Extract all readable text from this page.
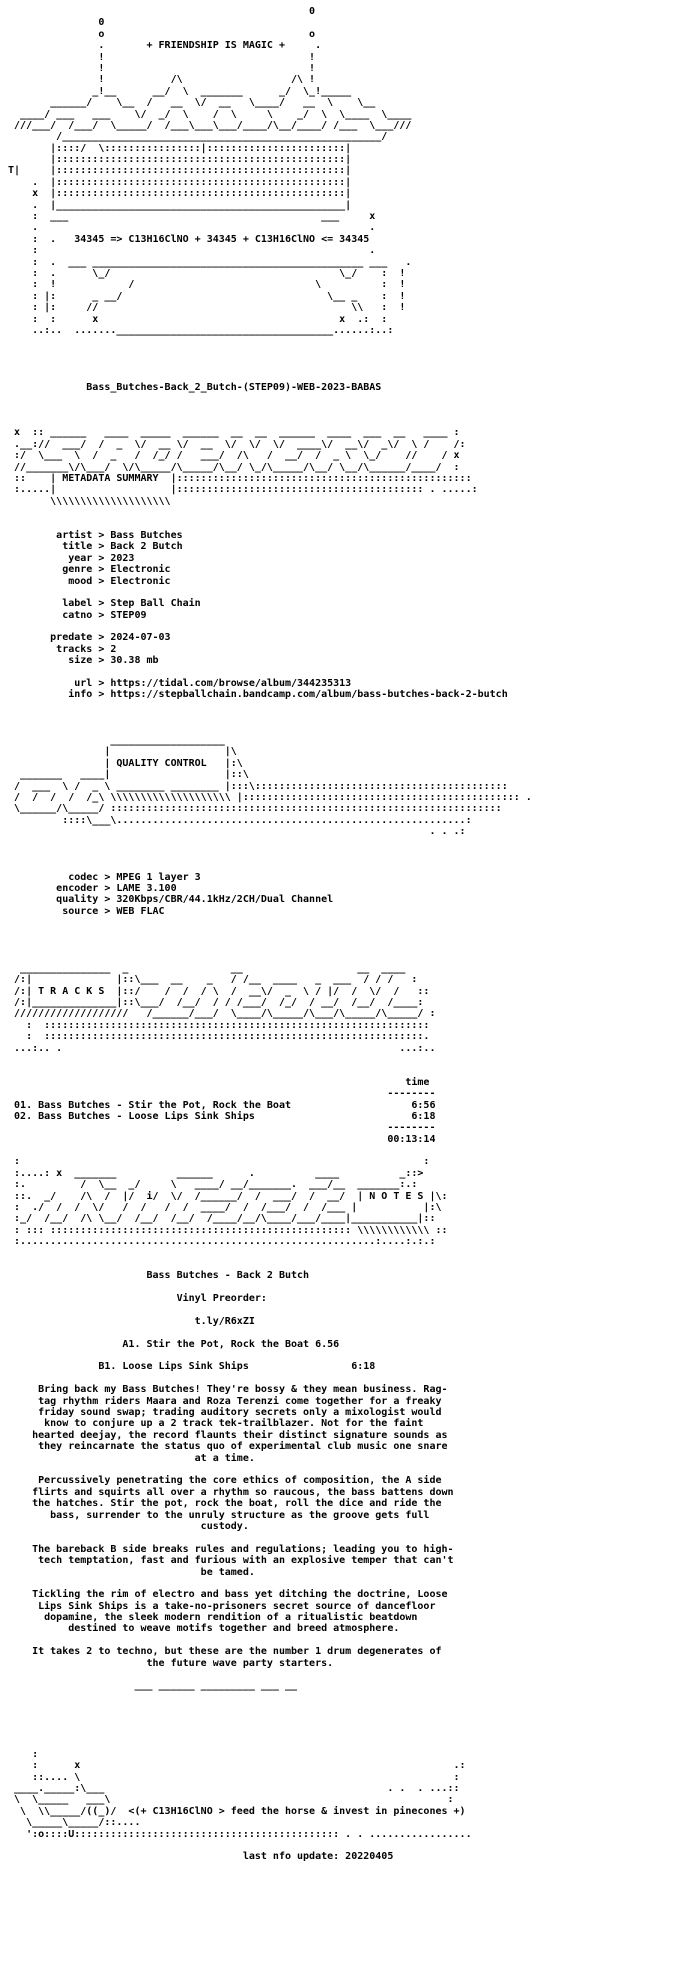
0
0
o                                  o
.       + FRIENDSHIP IS MAGIC +     .
!                                  !
!                                  !
!           /\                  /\ !
_!__      __/  \  _______      _/  \_!_____
______/    \__  /   __  \/  __   \____/   __  \    \__
____/ ___   ___    \/  _/  \    /  \     \    _/  \  \____  \____
///___/  /___/  \_____/  /___\___\___/____/\__/____/ /___  \___///
/_____________________________________________________/
|::::/  \::::::::::::::::|:::::::::::::::::::::::|
|::::::::::::::::::::::::::::::::::::::::::::::::|
T|     |::::::::::::::::::::::::::::::::::::::::::::::::|
.  |::::::::::::::::::::::::::::::::::::::::::::::::|
x  |::::::::::::::::::::::::::::::::::::::::::::::::|
.  |________________________________________________|
:  ___                                          ___     x
.                                                       .
:  .   34345 => C13H16ClNO + 34345 + C13H16ClNO <= 34345
:                                                       .
:  .  ___ _____________________________________________ ___   .
:  .      \_/                                      \_/    :  !
:  !            /                              \          :  !
: |:      _ __/                                  \__ _    :  !
: |:     //                                          \\   :  !
:  :      x                                        x  .:  :
..:..  .......____________________________________......:..:

Bass_Butches-Back_2_Butch-(STEP09)-WEB-2023-BABAS

x  :: ______   ____  _____  ______  __  __  ______  ____  ___  __   ____ :
.__://  ___/  /  _  \/  __ \/  __  \/  \/  \/  ____\/  __\/  _\/  \ /    /:
:/  \___  \  /  _   /  /_/ /   ___/  /\   /  __/  /  _ \  \_/    //    / x
//_______\/\___/  \/\_____/\_____/\__/ \_/\_____/\__/ \__/\______/____/  :
::    | METADATA SUMMARY  |:::::::::::::::::::::::::::::::::::::::::::::::::
:.....|                   |::::::::::::::::::::::::::::::::::::::::: . .....:
\\\\\\\\\\\\\\\\\\\\

artist > Bass Butches
title > Back 2 Butch
year > 2023
genre > Electronic
mood > Electronic

label > Step Ball Chain
catno > STEP09

predate > 2024-07-03
tracks > 2
size > 30.38 mb

url > https://tidal.com/browse/album/344235313
info > https://stepballchain.bandcamp.com/album/bass-butches-back-2-butch

___________________
|                   |\
| QUALITY CONTROL   |:\
_______   ____|                   |::\
/  ___  \ /  _ \ ________ ________ |:::\::::::::::::::::::::::::::::::::::::::::::
/  /  /  /  /_\ \\\\\\\\\\\\\\\\\\\\ |:::::::::::::::::::::::::::::::::::::::::::::: .
\______/\_____/ :::::::::::::::::::::::::::::::::::::::::::::::::::::::::::::::::
::::\___\..........................................................:
. . .:

codec > MPEG 1 layer 3
encoder > LAME 3.100
quality > 320Kbps/CBR/44.1kHz/2CH/Dual Channel
source > WEB FLAC

_______________  _                 __                   __  ____
/:|              |::\___  __    _   / /__  ____   _  ___  / / /   :
/:| T R A C K S  |::/    /  /  / \  /  __\/  _  \ / |/  /  \/  /   ::
/:|______________|::\___/  /__/  / / /___/  /_/  / __/  /__/  /____:
///////////////////   /______/___/  \____/\_____/\___/\_____/\_____/ :
:  ::::::::::::::::::::::::::::::::::::::::::::::::::::::::::::::::
:  :::::::::::::::::::::::::::::::::::::::::::::::::::::::::::::::.
...:.. .                                                        ...:..

time
--------
01. Bass Butches - Stir the Pot, Rock the Boat                    6:56
02. Bass Butches - Loose Lips Sink Ships                          6:18
--------
00:13:14

:                                                                   :
:....: x  _______          ______      .          ____          _::>
:.         /  \__  _/     \   ____/ __/_______.  ___/__  _______:.:
::.  _/    /\  /  |/  i/  \/  /______/  /  ___/  /  __/  | N O T E S |\:
:  ./  /  /  \/   /  /   /  /  ____/  /  /___/  /  /___ |           |:\
:_/  /__/  /\ \__/  /__/  /__/  /____/__/\____/___/____|___________|::
: ::: :::::::::::::::::::::::::::::::::::::::::::::::::: \\\\\\\\\\\\ ::
:...........................................................:....:.:.:

Bass Butches - Back 2 Butch

Vinyl Preorder:

t.ly/R6xZI

A1. Stir the Pot, Rock the Boat 6.56

B1. Loose Lips Sink Ships                 6:18

Bring back my Bass Butches! They're bossy & they mean business. Rag-
tag rhythm riders Maara and Roza Terenzi come together for a freaky
friday sound swap; trading auditory secrets only a mixologist would
know to conjure up a 2 track tek-trailblazer. Not for the faint
hearted deejay, the record flaunts their distinct signature sounds as
they reincarnate the status quo of experimental club music one snare
at a time.

Percussively penetrating the core ethics of composition, the A side
flirts and squirts all over a rhythm so raucous, the bass battens down
the hatches. Stir the pot, rock the boat, roll the dice and ride the
bass, surrender to the unruly structure as the groove gets full
custody.

The bareback B side breaks rules and regulations; leading you to high-
tech temptation, fast and furious with an explosive temper that can't
be tamed.

Tickling the rim of electro and bass yet ditching the doctrine, Loose
Lips Sink Ships is a take-no-prisoners secret source of dancefloor
dopamine, the sleek modern rendition of a ritualistic beatdown
destined to weave motifs together and breed atmosphere.

It takes 2 to techno, but these are the number 1 drum degenerates of
the future wave party starters.

___ ______ _________ ___ __

:
:      x                                                              .:
::.... \                                                              :
____._____:\___                                               . .  . ...::
\  \_____   ___\                                                        :
\  \\_____/((_)/  <(+ C13H16ClNO > feed the horse & invest in pinecones +)
\_____\_____/::....
':o::::U:::::::::::::::::::::::::::::::::::::::::::: . . .................

last nfo update: 20220405
